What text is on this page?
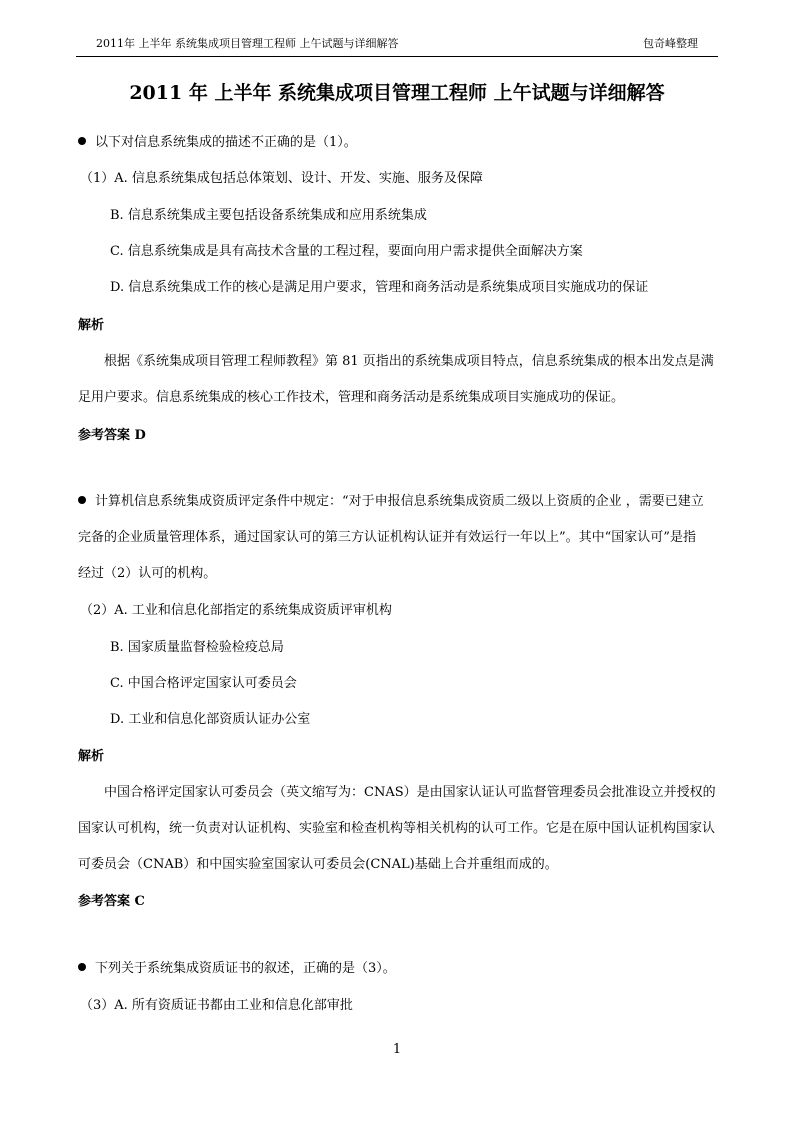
2011年 上半年 系统集成项目管理工程师 上午试题与详细解答	包奇峰整理
2011 年 上半年 系统集成项目管理工程师 上午试题与详细解答
以下对信息系统集成的描述不正确的是（1）。
（1）A. 信息系统集成包括总体策划、设计、开发、实施、服务及保障
B. 信息系统集成主要包括设备系统集成和应用系统集成
C. 信息系统集成是具有高技术含量的工程过程，要面向用户需求提供全面解决方案
D. 信息系统集成工作的核心是满足用户要求，管理和商务活动是系统集成项目实施成功的保证
解析
根据《系统集成项目管理工程师教程》第 81 页指出的系统集成项目特点，信息系统集成的根本出发点是满
足用户要求。信息系统集成的核心工作技术，管理和商务活动是系统集成项目实施成功的保证。
参考答案 D
计算机信息系统集成资质评定条件中规定：“对于申报信息系统集成资质二级以上资质的企业 ，需要已建立
完备的企业质量管理体系，通过国家认可的第三方认证机构认证并有效运行一年以上”。其中“国家认可”是指
经过（2）认可的机构。
（2）A. 工业和信息化部指定的系统集成资质评审机构
B. 国家质量监督检验检疫总局
C. 中国合格评定国家认可委员会
D. 工业和信息化部资质认证办公室
解析
中国合格评定国家认可委员会（英文缩写为：CNAS）是由国家认证认可监督管理委员会批准设立并授权的
国家认可机构，统一负责对认证机构、实验室和检查机构等相关机构的认可工作。它是在原中国认证机构国家认
可委员会（CNAB）和中国实验室国家认可委员会(CNAL)基础上合并重组而成的。
参考答案 C
下列关于系统集成资质证书的叙述，正确的是（3）。
（3）A. 所有资质证书都由工业和信息化部审批
1
